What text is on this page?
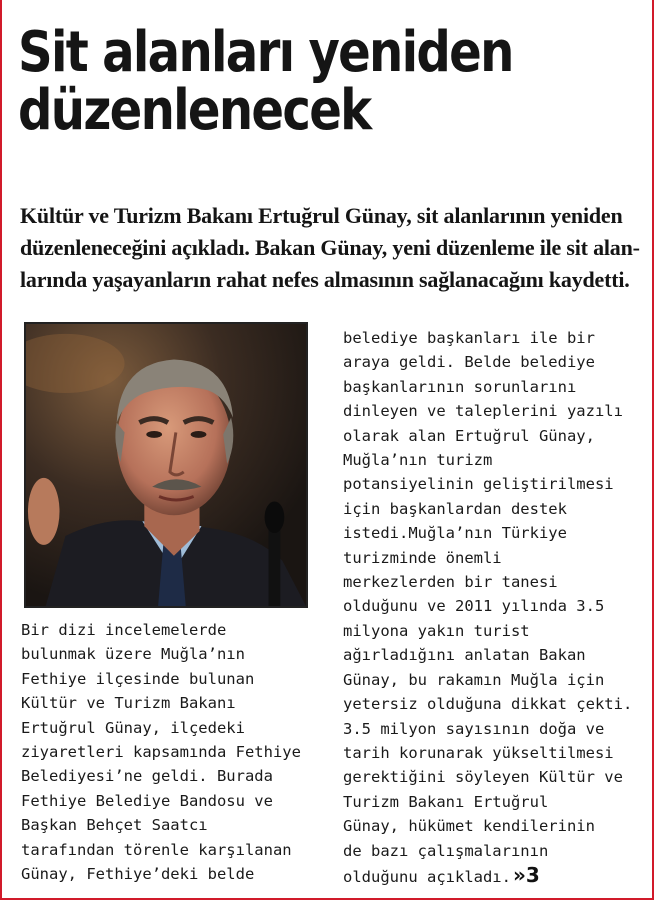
Sit alanları yeniden
düzenlenecek
Kültür ve Turizm Bakanı Ertuğrul Günay, sit alanlarının yeniden
düzenleneceğini açıkladı. Bakan Günay, yeni düzenleme ile sit alan-
larında yaşayanların rahat nefes almasının sağlanacağını kaydetti.
Bir dizi incelemelerde
bulunmak üzere Muğla’nın
Fethiye ilçesinde bulunan
Kültür ve Turizm Bakanı
Ertuğrul Günay, ilçedeki
ziyaretleri kapsamında Fethiye
Belediyesi’ne geldi. Burada
Fethiye Belediye Bandosu ve
Başkan Behçet Saatcı
tarafından törenle karşılanan
Günay, Fethiye’deki belde
belediye başkanları ile bir
araya geldi. Belde belediye
başkanlarının sorunlarını
dinleyen ve taleplerini yazılı
olarak alan Ertuğrul Günay,
Muğla’nın turizm
potansiyelinin geliştirilmesi
için başkanlardan destek
istedi.Muğla’nın Türkiye
turizminde önemli
merkezlerden bir tanesi
olduğunu ve 2011 yılında 3.5
milyona yakın turist
ağırladığını anlatan Bakan
Günay, bu rakamın Muğla için
yetersiz olduğuna dikkat çekti.
3.5 milyon sayısının doğa ve
tarih korunarak yükseltilmesi
gerektiğini söyleyen Kültür ve
Turizm Bakanı Ertuğrul
Günay, hükümet kendilerinin
de bazı çalışmalarının
olduğunu açıkladı. »3
